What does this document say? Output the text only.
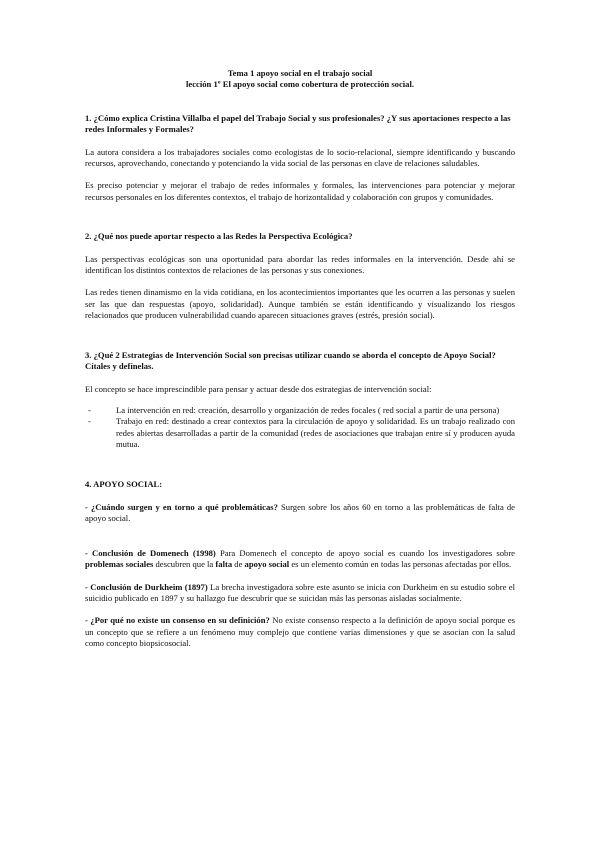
Tema 1 apoyo social en el trabajo social
lección 1º El apoyo social como cobertura de protección social.

1. ¿Cómo explica Cristina Villalba el papel del Trabajo Social y sus profesionales? ¿Y sus aportaciones respecto a las redes Informales y Formales?

La autora considera a los trabajadores sociales como ecologistas de lo socio-relacional, siempre identificando y buscando recursos, aprovechando, conectando y potenciando la vida social de las personas en clave de relaciones saludables.

Es preciso potenciar y mejorar el trabajo de redes informales y formales, las intervenciones para potenciar y mejorar recursos personales en los diferentes contextos, el trabajo de horizontalidad y colaboración con grupos y comunidades.

2. ¿Qué nos puede aportar respecto a las Redes la Perspectiva Ecológica?

Las perspectivas ecológicas son una oportunidad para abordar las redes informales en la intervención. Desde ahí se identifican los distintos contextos de relaciones de las personas y sus conexiones.

Las redes tienen dinamismo en la vida cotidiana, en los acontecimientos importantes que les ocurren a las personas y suelen ser las que dan respuestas (apoyo, solidaridad). Aunque también se están identificando y visualizando los riesgos relacionados que producen vulnerabilidad cuando aparecen situaciones graves (estrés, presión social).

3. ¿Qué 2 Estrategias de Intervención Social son precisas utilizar cuando se aborda el concepto de Apoyo Social? Cítales y defínelas.

El concepto se hace imprescindible para pensar y actuar desde dos estrategias de intervención social:

-	La intervención en red: creación, desarrollo y organización de redes focales ( red social a partir de una persona)
-	Trabajo en red: destinado a crear contextos para la circulación de apoyo y solidaridad. Es un trabajo realizado con redes abiertas desarrolladas a partir de la comunidad (redes de asociaciones que trabajan entre sí y producen ayuda mutua.

4. APOYO SOCIAL:

- ¿Cuándo surgen y en torno a qué problemáticas? Surgen sobre los años 60 en torno a las problemáticas de falta de apoyo social.

- Conclusión de Domenech (1998) Para Domenech el concepto de apoyo social es cuando los investigadores sobre problemas sociales descubren que la falta de apoyo social es un elemento común en todas las personas afectadas por ellos.

- Conclusión de Durkheim (1897) La brecha investigadora sobre este asunto se inicia con Durkheim en su estudio sobre el suicidio publicado en 1897 y su hallazgo fue descubrir que se suicidan más las personas aisladas socialmente.

- ¿Por qué no existe un consenso en su definición? No existe consenso respecto a la definición de apoyo social porque es un concepto que se refiere a un fenómeno muy complejo que contiene varias dimensiones y que se asocian con la salud como concepto biopsicosocial.
